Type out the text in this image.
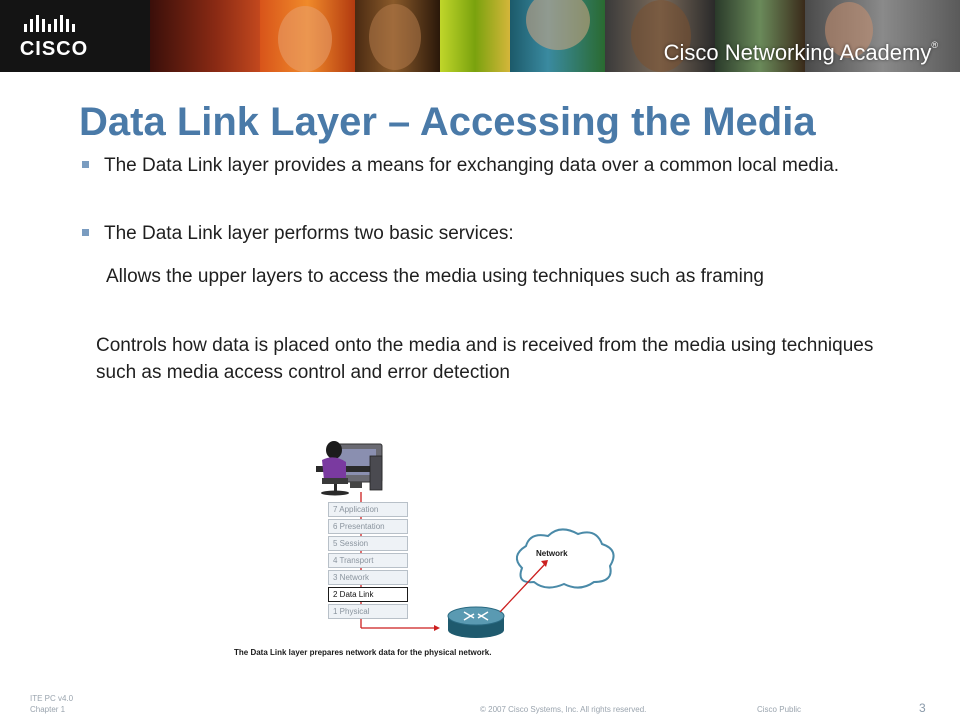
CISCO	Cisco Networking Academy®
Data Link Layer – Accessing the Media
The Data Link layer provides a means for exchanging data over a common local media.
The Data Link layer performs two basic services:

Allows the upper layers to access the media using techniques such as framing

Controls how data is placed onto the media and is received from the media using techniques such as media access control and error detection

7 Application
6 Presentation
5 Session
4 Transport
3 Network
2 Data Link
1 Physical
Network
The Data Link layer prepares network data for the physical network.
ITE PC v4.0
Chapter 1	© 2007 Cisco Systems, Inc. All rights reserved.	Cisco Public	3
